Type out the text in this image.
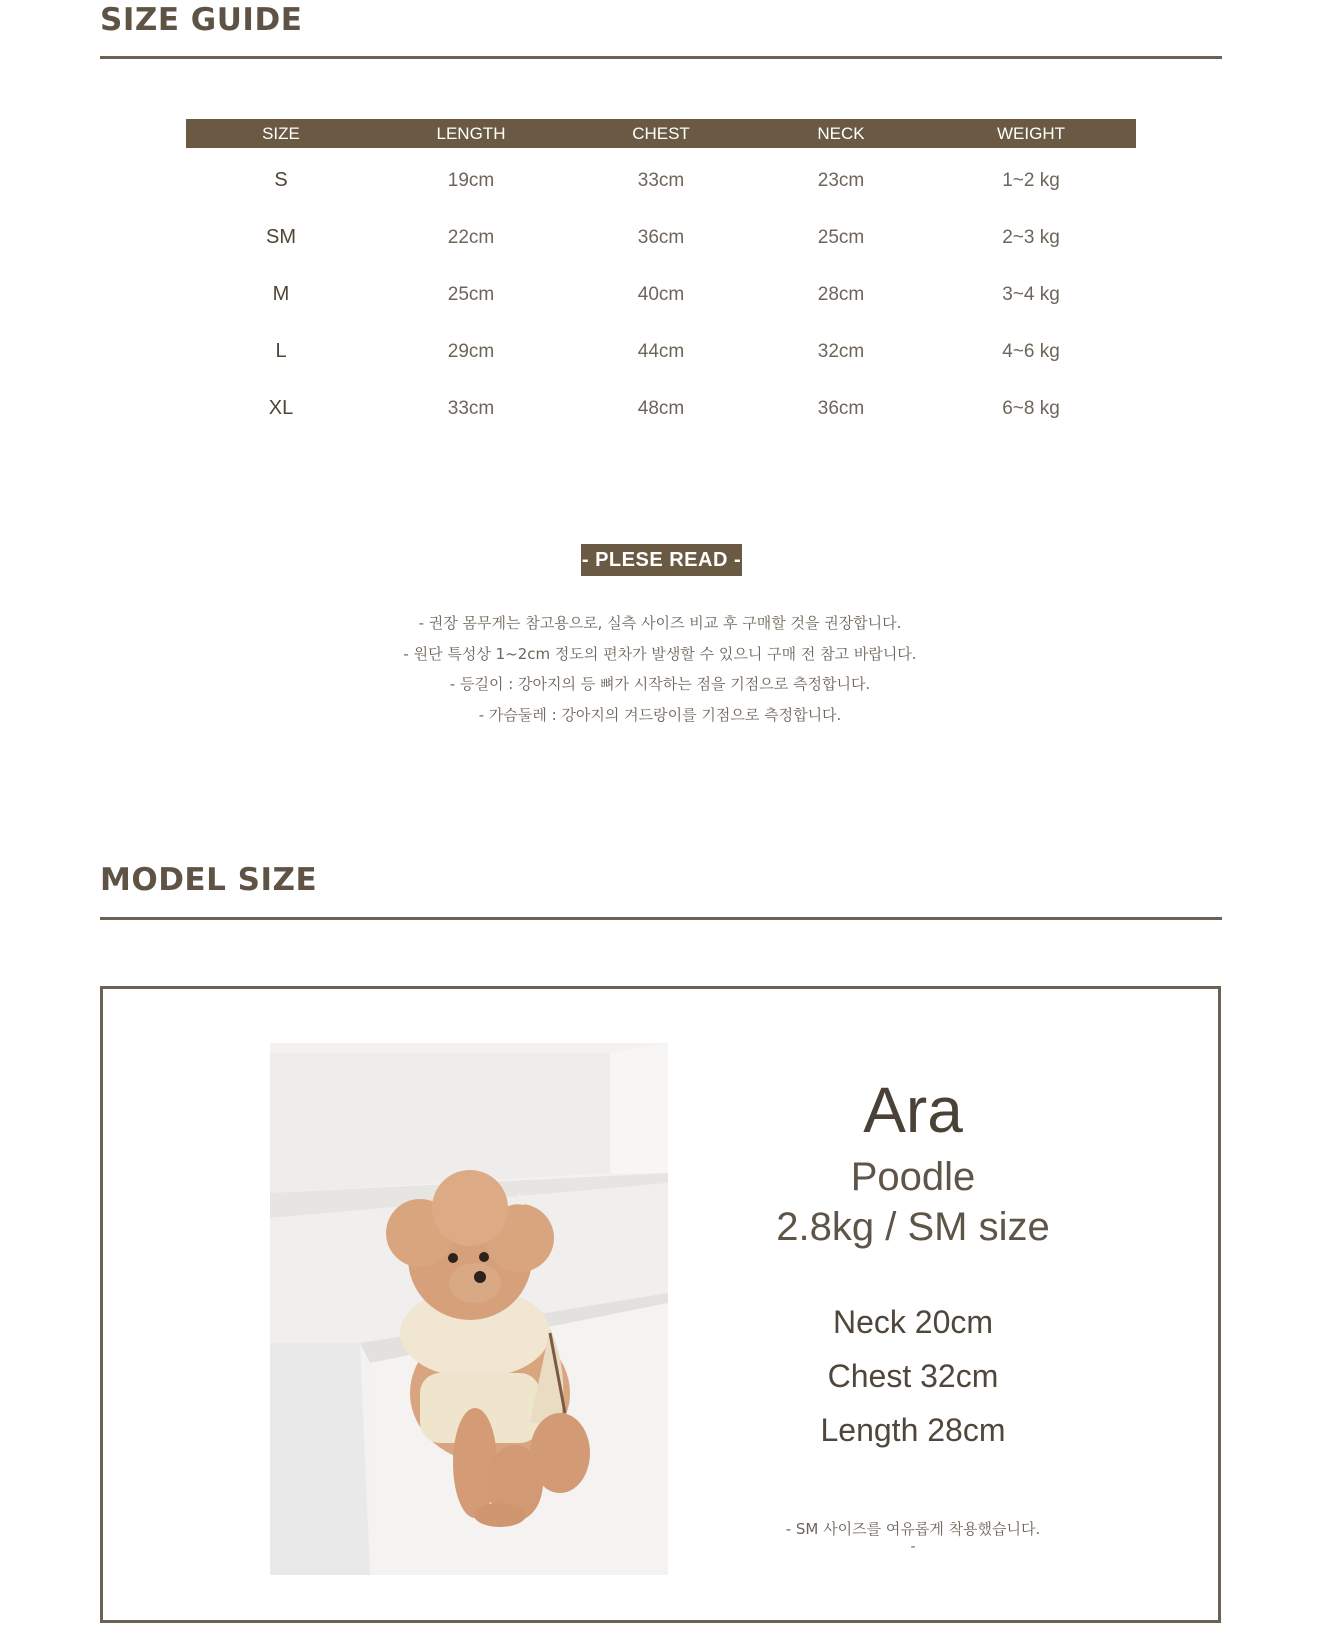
SIZE GUIDE
SIZE	LENGTH	CHEST	NECK	WEIGHT
S	19cm	33cm	23cm	1~2 kg
SM	22cm	36cm	25cm	2~3 kg
M	25cm	40cm	28cm	3~4 kg
L	29cm	44cm	32cm	4~6 kg
XL	33cm	48cm	36cm	6~8 kg
- PLESE READ -

- 권장 몸무게는 참고용으로, 실측 사이즈 비교 후 구매할 것을 권장합니다.

- 원단 특성상 1~2cm 정도의 편차가 발생할 수 있으니 구매 전 참고 바랍니다.

- 등길이 : 강아지의 등 뼈가 시작하는 점을 기점으로 측정합니다.

- 가슴둘레 : 강아지의 겨드랑이를 기점으로 측정합니다.

MODEL SIZE
Ara
Poodle
2.8kg / SM size

Neck 20cm

Chest 32cm

Length 28cm

- SM 사이즈를 여유롭게 착용했습니다.
-
